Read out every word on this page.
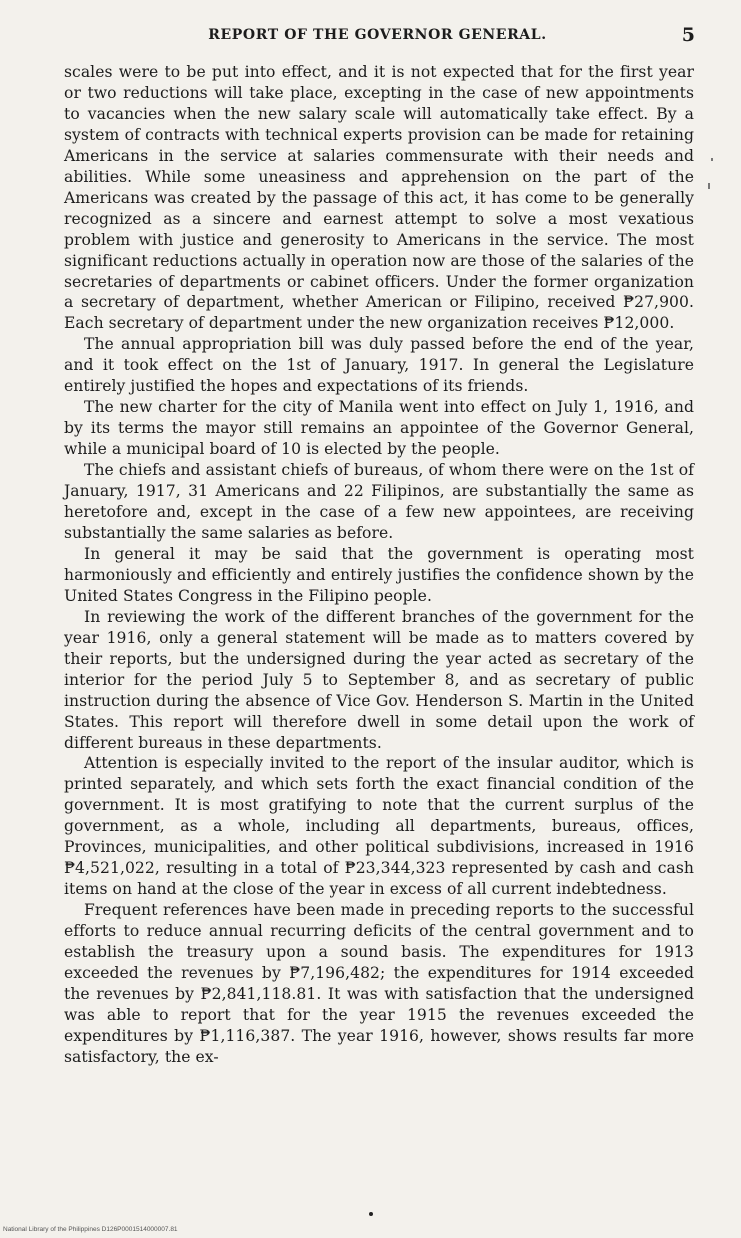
REPORT OF THE GOVERNOR GENERAL.	5

scales were to be put into effect, and it is not expected that for the first year or two reductions will take place, excepting in the case of new appointments to vacancies when the new salary scale will automatically take effect. By a system of contracts with technical experts provision can be made for retaining Americans in the service at salaries commensurate with their needs and abilities. While some uneasiness and apprehension on the part of the Americans was created by the passage of this act, it has come to be generally recognized as a sincere and earnest attempt to solve a most vexatious problem with justice and generosity to Americans in the service. The most significant reductions actually in operation now are those of the salaries of the secretaries of departments or cabinet officers. Under the former organization a secretary of department, whether American or Filipino, received ₱27,900. Each secretary of department under the new organization receives ₱12,000.

The annual appropriation bill was duly passed before the end of the year, and it took effect on the 1st of January, 1917. In general the Legislature entirely justified the hopes and expectations of its friends.

The new charter for the city of Manila went into effect on July 1, 1916, and by its terms the mayor still remains an appointee of the Governor General, while a municipal board of 10 is elected by the people.

The chiefs and assistant chiefs of bureaus, of whom there were on the 1st of January, 1917, 31 Americans and 22 Filipinos, are substantially the same as heretofore and, except in the case of a few new appointees, are receiving substantially the same salaries as before.

In general it may be said that the government is operating most harmoniously and efficiently and entirely justifies the confidence shown by the United States Congress in the Filipino people.

In reviewing the work of the different branches of the government for the year 1916, only a general statement will be made as to matters covered by their reports, but the undersigned during the year acted as secretary of the interior for the period July 5 to September 8, and as secretary of public instruction during the absence of Vice Gov. Henderson S. Martin in the United States. This report will therefore dwell in some detail upon the work of different bureaus in these departments.

Attention is especially invited to the report of the insular auditor, which is printed separately, and which sets forth the exact financial condition of the government. It is most gratifying to note that the current surplus of the government, as a whole, including all departments, bureaus, offices, Provinces, municipalities, and other political subdivisions, increased in 1916 ₱4,521,022, resulting in a total of ₱23,344,323 represented by cash and cash items on hand at the close of the year in excess of all current indebtedness.

Frequent references have been made in preceding reports to the successful efforts to reduce annual recurring deficits of the central government and to establish the treasury upon a sound basis. The expenditures for 1913 exceeded the revenues by ₱7,196,482; the expenditures for 1914 exceeded the revenues by ₱2,841,118.81. It was with satisfaction that the undersigned was able to report that for the year 1915 the revenues exceeded the expenditures by ₱1,116,387. The year 1916, however, shows results far more satisfactory, the ex-

National Library of the Philippines D126P0001514000007.81
